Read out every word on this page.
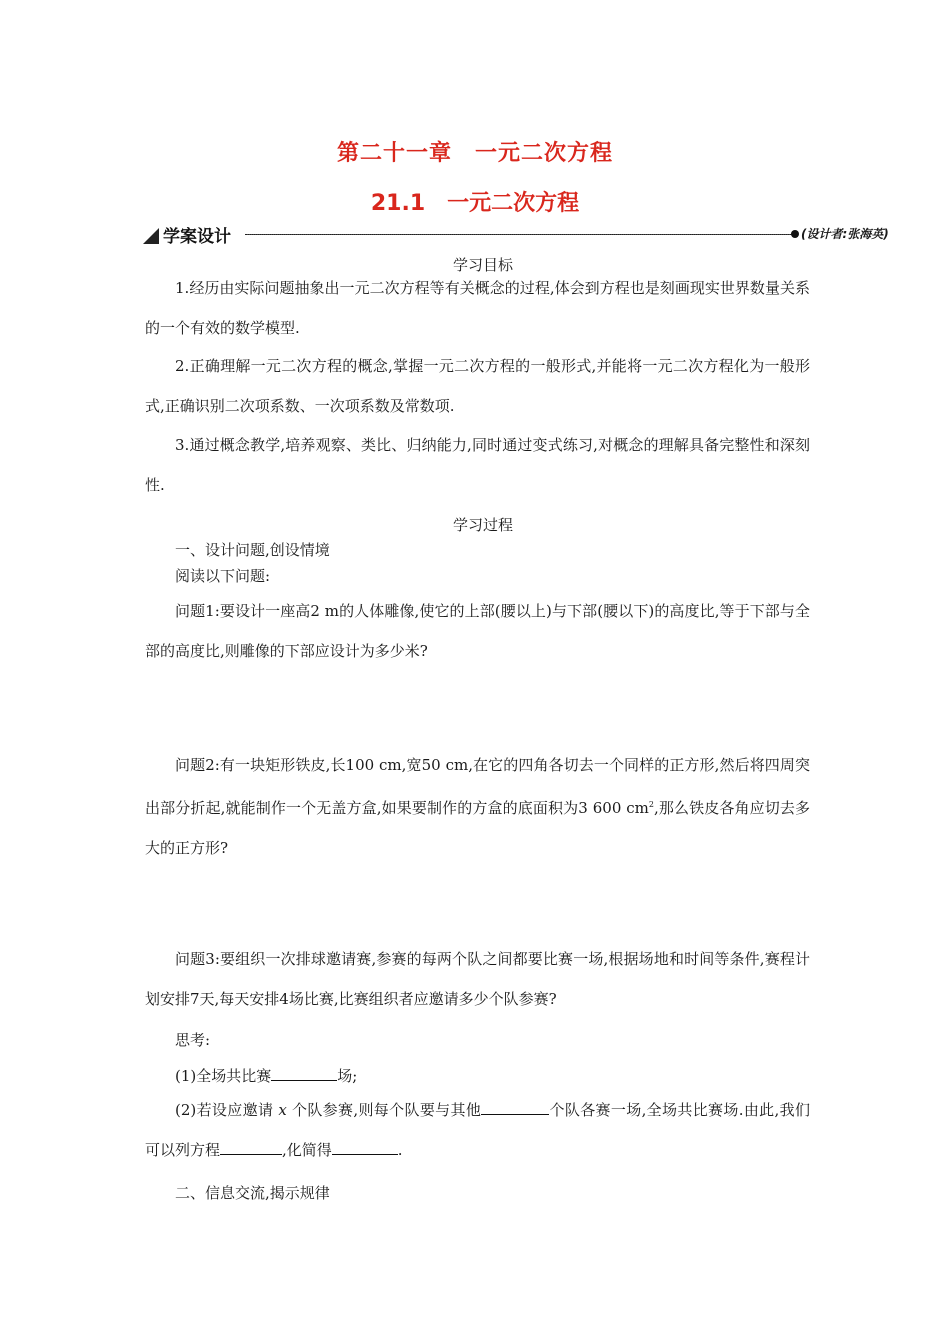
第二十一章　一元二次方程
21.1　一元二次方程
学案设计	(设计者:张海英)
学习目标
1.经历由实际问题抽象出一元二次方程等有关概念的过程,体会到方程也是刻画现实世界数量关系的一个有效的数学模型.
2.正确理解一元二次方程的概念,掌握一元二次方程的一般形式,并能将一元二次方程化为一般形式,正确识别二次项系数、一次项系数及常数项.
3.通过概念教学,培养观察、类比、归纳能力,同时通过变式练习,对概念的理解具备完整性和深刻性.
学习过程
一、设计问题,创设情境
阅读以下问题:
问题1:要设计一座高2 m的人体雕像,使它的上部(腰以上)与下部(腰以下)的高度比,等于下部与全部的高度比,则雕像的下部应设计为多少米?
问题2:有一块矩形铁皮,长100 cm,宽50 cm,在它的四角各切去一个同样的正方形,然后将四周突出部分折起,就能制作一个无盖方盒,如果要制作的方盒的底面积为3 600 $cm^2$,那么铁皮各角应切去多大的正方形?
问题3:要组织一次排球邀请赛,参赛的每两个队之间都要比赛一场,根据场地和时间等条件,赛程计划安排7天,每天安排4场比赛,比赛组织者应邀请多少个队参赛?
思考:
(1)全场共比赛	场;
(2)若设应邀请 x 个队参赛,则每个队要与其他	个队各赛一场,全场共比赛场.由此,我们可以列方程	,化简得	.
二、信息交流,揭示规律
